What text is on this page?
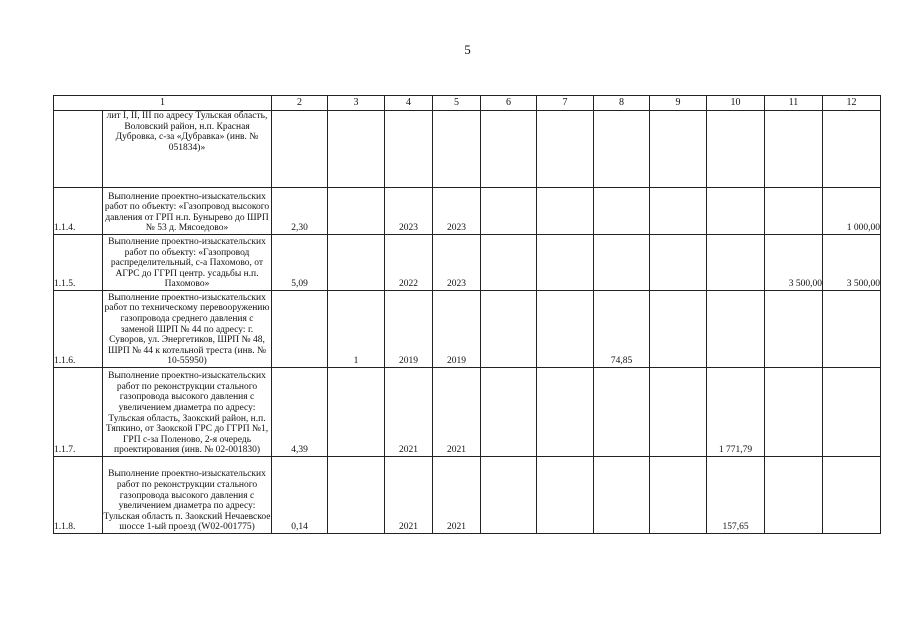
5
1		2	3	4	5	6	7	8	9	10	11	12
	лит I, II, III по адресу Тульская область, Воловский район, н.п. Красная Дубровка, с-за «Дубравка» (инв. № 051834)»											
1.1.4.	Выполнение проектно-изыскательских работ по объекту: «Газопровод высокого давления от ГРП н.п. Бунырево до ШРП № 53 д. Мясоедово»	2,30		2023	2023							1 000,00
1.1.5.	Выполнение проектно-изыскательских работ по объекту: «Газопровод распределительный, с-а Пахомово, от АГРС до ГГРП центр. усадьбы н.п. Пахомово»	5,09		2022	2023						3 500,00	3 500,00
1.1.6.	Выполнение проектно-изыскательских работ по техническому перевооружению газопровода среднего давления с заменой ШРП № 44 по адресу: г. Суворов, ул. Энергетиков, ШРП № 48, ШРП № 44 к котельной треста (инв. № 10-55950)		1	2019	2019			74,85				
1.1.7.	Выполнение проектно-изыскательских работ по реконструкции стального газопровода высокого давления с увеличением диаметра по адресу: Тульская область, Заокский район, н.п. Тяпкино, от Заокской ГРС до ГГРП №1, ГРП с-за Поленово, 2-я очередь проектирования (инв. № 02-001830)	4,39		2021	2021					1 771,79		
1.1.8.	Выполнение проектно-изыскательских работ по реконструкции стального газопровода высокого давления с увеличением диаметра по адресу: Тульская область п. Заокский Нечаевское шоссе 1-ый проезд (W02-001775)	0,14		2021	2021					157,65		
